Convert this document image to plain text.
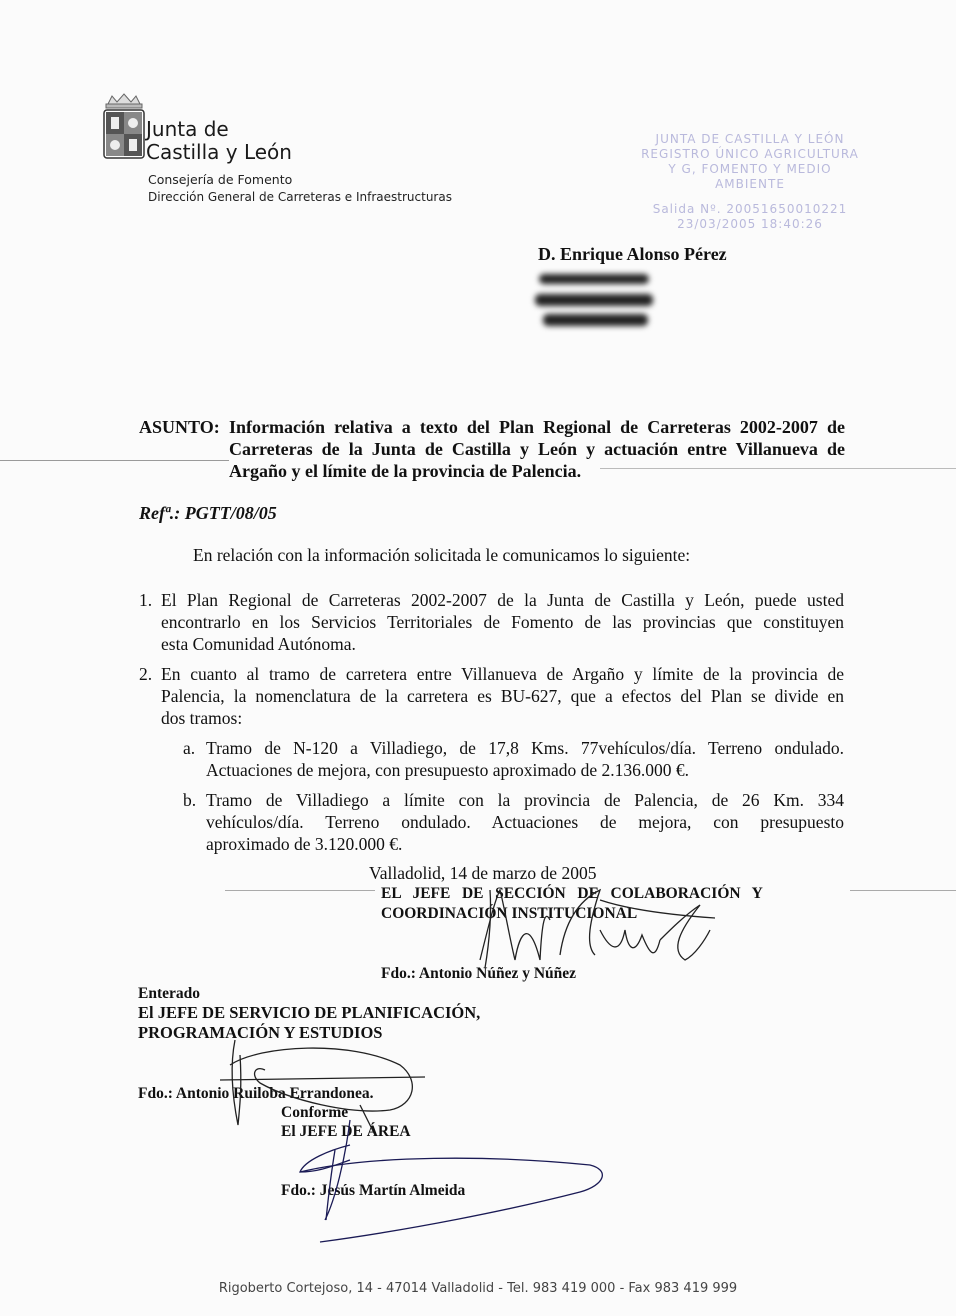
Junta de
Castilla y León
Consejería de Fomento
Dirección General de Carreteras e Infraestructuras
JUNTA DE CASTILLA Y LEÓN
REGISTRO ÚNICO AGRICULTURA
Y G, FOMENTO Y MEDIO
AMBIENTE
Salida Nº. 20051650010221
23/03/2005 18:40:26
D. Enrique Alonso Pérez
ASUNTO: Información relativa a texto del Plan Regional de Carreteras 2002-2007 de
Carreteras de la Junta de Castilla y León y actuación entre Villanueva de
Argaño y el límite de la provincia de Palencia.
Refª.: PGTT/08/05
En relación con la información solicitada le comunicamos lo siguiente:
1. El Plan Regional de Carreteras 2002-2007 de la Junta de Castilla y León, puede usted
encontrarlo en los Servicios Territoriales de Fomento de las provincias que constituyen
esta Comunidad Autónoma.
2. En cuanto al tramo de carretera entre Villanueva de Argaño y límite de la provincia de
Palencia, la nomenclatura de la carretera es BU-627, que a efectos del Plan se divide en
dos tramos:
a. Tramo de N-120 a Villadiego, de 17,8 Kms. 77vehículos/día. Terreno ondulado.
Actuaciones de mejora, con presupuesto aproximado de 2.136.000 €.
b. Tramo de Villadiego a límite con la provincia de Palencia, de 26 Km. 334
vehículos/día. Terreno ondulado. Actuaciones de mejora, con presupuesto
aproximado de 3.120.000 €.
Valladolid, 14 de marzo de 2005
EL   JEFE   DE   SECCIÓN   DE   COLABORACIÓN   Y
COORDINACIÓN INSTITUCIONAL
Fdo.: Antonio Núñez y Núñez
Enterado
El JEFE DE SERVICIO DE PLANIFICACIÓN,
PROGRAMACIÓN Y ESTUDIOS
Fdo.: Antonio Ruiloba Errandonea.
Conforme
El JEFE DE ÁREA
Fdo.: Jesús Martín Almeida
Rigoberto Cortejoso, 14 - 47014 Valladolid - Tel. 983 419 000 - Fax 983 419 999
